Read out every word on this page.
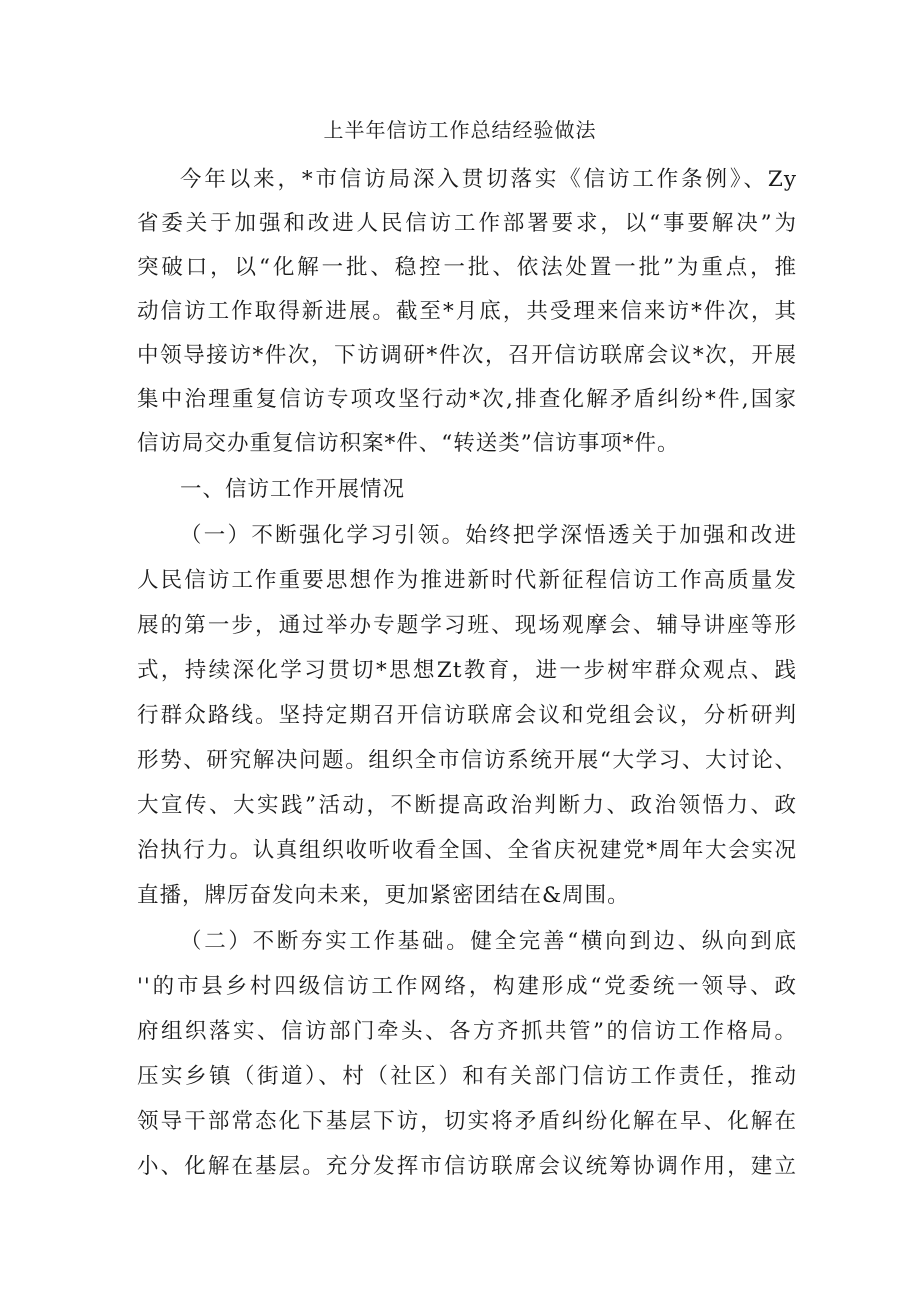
上半年信访工作总结经验做法
今年以来，*市信访局深入贯切落实《信访工作条例》、Zy
省委关于加强和改进人民信访工作部署要求，以“事要解决”为
突破口，以“化解一批、稳控一批、依法处置一批”为重点，推
动信访工作取得新进展。截至*月底，共受理来信来访*件次，其
中领导接访*件次，下访调研*件次，召开信访联席会议*次，开展
集中治理重复信访专项攻坚行动*次,排查化解矛盾纠纷*件,国家
信访局交办重复信访积案*件、“转送类”信访事项*件。
一、信访工作开展情况
（一）不断强化学习引领。始终把学深悟透关于加强和改进
人民信访工作重要思想作为推进新时代新征程信访工作高质量发
展的第一步，通过举办专题学习班、现场观摩会、辅导讲座等形
式，持续深化学习贯切*思想Zt教育，进一步树牢群众观点、践
行群众路线。坚持定期召开信访联席会议和党组会议，分析研判
形势、研究解决问题。组织全市信访系统开展“大学习、大讨论、
大宣传、大实践”活动，不断提高政治判断力、政治领悟力、政
治执行力。认真组织收听收看全国、全省庆祝建党*周年大会实况
直播，牌厉奋发向未来，更加紧密团结在&周围。
（二）不断夯实工作基础。健全完善“横向到边、纵向到底
''的市县乡村四级信访工作网络，构建形成“党委统一领导、政
府组织落实、信访部门牵头、各方齐抓共管”的信访工作格局。
压实乡镇（街道）、村（社区）和有关部门信访工作责任，推动
领导干部常态化下基层下访，切实将矛盾纠纷化解在早、化解在
小、化解在基层。充分发挥市信访联席会议统筹协调作用，建立
